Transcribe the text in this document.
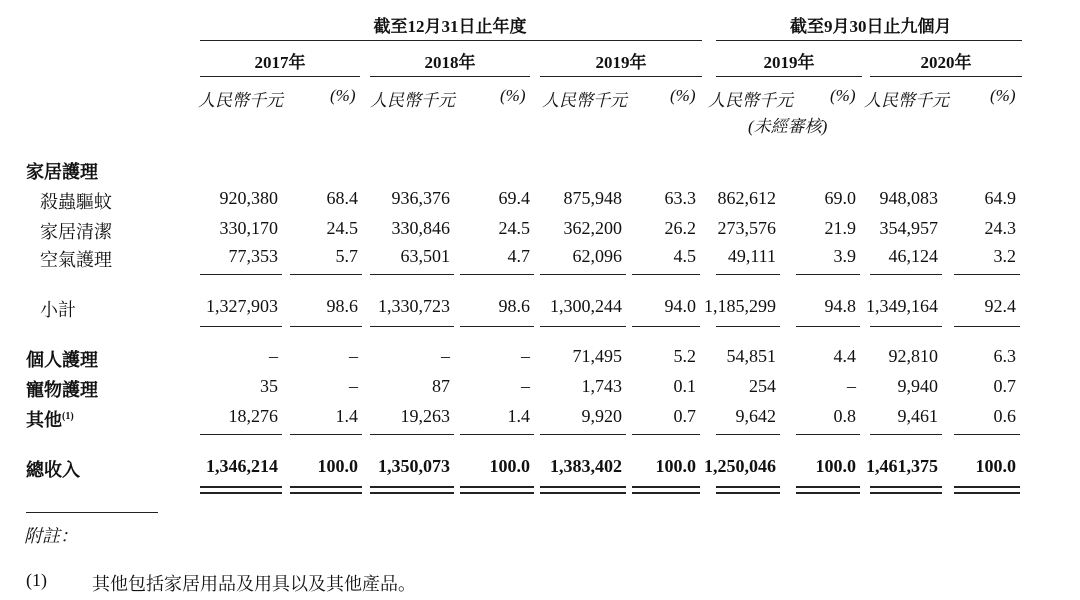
截至12月31日止年度	截至9月30日止九個月
2017年	2018年	2019年	2019年	2020年
人民幣千元	(%) 人民幣千元	(%) 人民幣千元	(%) 人民幣千元 (%) 人民幣千元 (%)
(未經審核)
家居護理
殺蟲驅蚊	920,380	68.4 936,376	69.4 875,948 63.3 862,612	69.0 948,083	64.9
家居清潔	330,170	24.5 330,846	24.5 362,200 26.2 273,576	21.9 354,957	24.3
空氣護理	77,353	5.7 63,501	4.7 62,096	4.5 49,111	3.9 46,124	3.2
小計	1,327,903	98.6 1,330,723	98.6 1,300,244 94.0 1,185,299	94.8 1,349,164	92.4
個人護理	–	–	–	– 71,495	5.2 54,851	4.4 92,810	6.3
寵物護理	35	–	87	–	1,743	0.1	254	– 9,940	0.7
其他$^{(1)}$	18,276	1.4 19,263	1.4	9,920	0.7 9,642	0.8 9,461	0.6
總收入	1,346,214 100.0 1,350,073 100.0 1,383,402 100.0 1,250,046 100.0 1,461,375 100.0
附註：
(1)	其他包括家居用品及用具以及其他產品。
